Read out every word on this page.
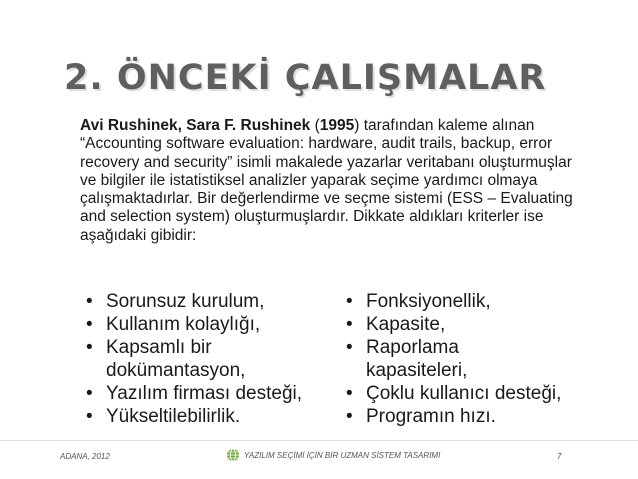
2. ÖNCEKİ ÇALIŞMALAR
Avi Rushinek, Sara F. Rushinek (1995) tarafından kaleme alınan “Accounting software evaluation: hardware, audit trails, backup, error recovery and security” isimli makalede yazarlar veritabanı oluşturmuşlar ve bilgiler ile istatistiksel analizler yaparak seçime yardımcı olmaya çalışmaktadırlar. Bir değerlendirme ve seçme sistemi (ESS – Evaluating and selection system) oluşturmuşlardır. Dikkate aldıkları kriterler ise aşağıdaki gibidir:
• Sorunsuz kurulum,
• Kullanım kolaylığı,
• Kapsamlı bir
dokümantasyon,
• Yazılım firması desteği,
• Yükseltilebilirlik.
• Fonksiyonellik,
• Kapasite,
• Raporlama
kapasiteleri,
• Çoklu kullanıcı desteği,
• Programın hızı.
ADANA, 2012	YAZILIM SEÇİMİ İÇİN BİR UZMAN SİSTEM TASARIMI	7
